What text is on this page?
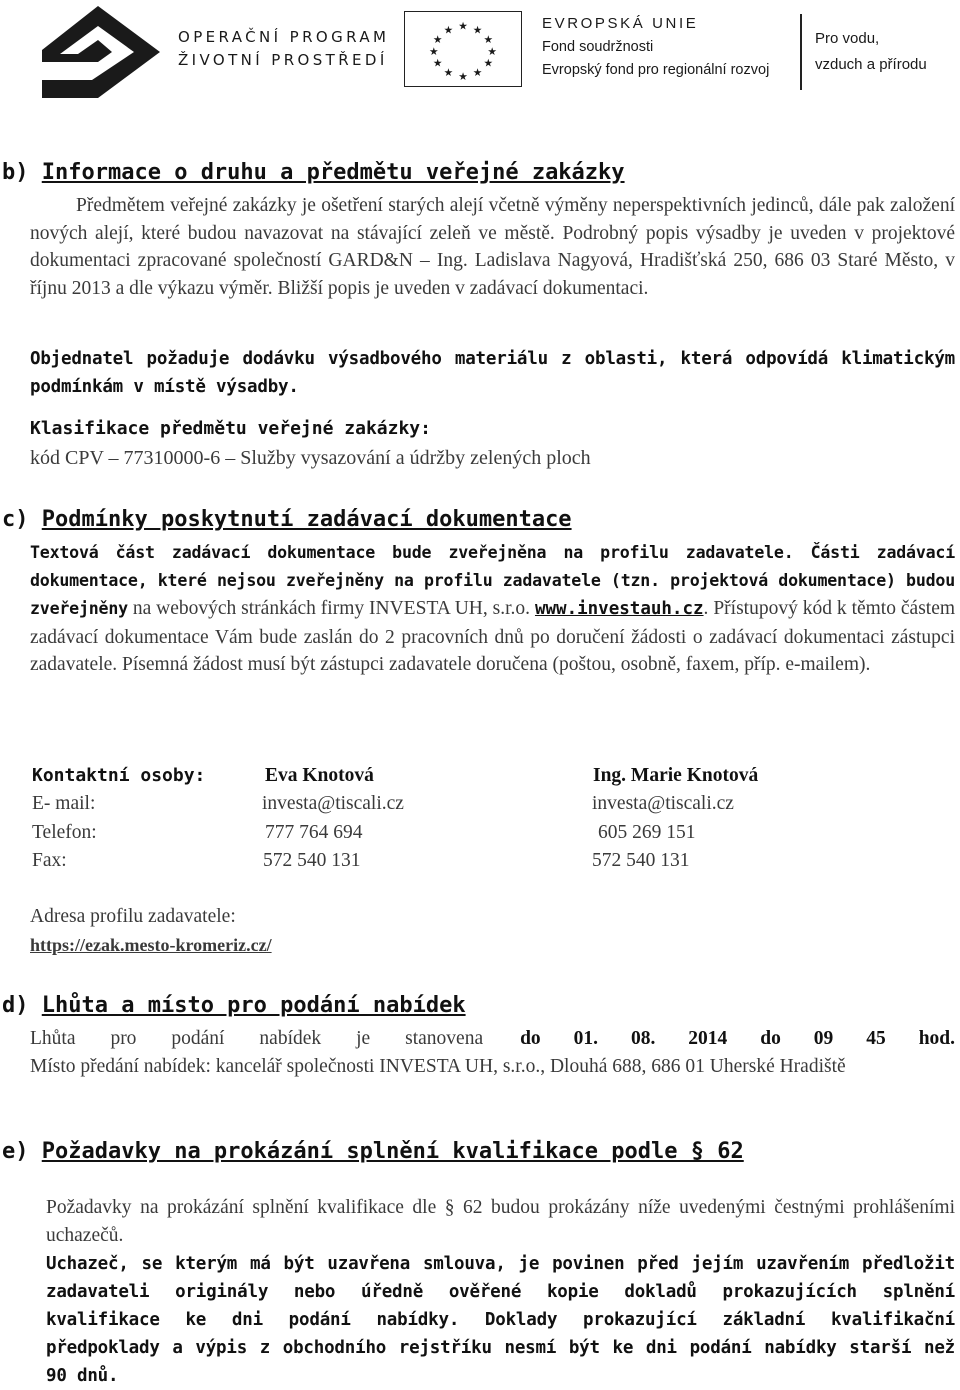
OPERAČNÍ PROGRAM
ŽIVOTNÍ PROSTŘEDÍ
★ ★
★
★
★
★
★
★
★
★
★
★	EVROPSKÁ UNIE
Fond soudržnosti
Evropský fond pro regionální rozvoj
Pro vodu,
vzduch a přírodu
b) Informace o druhu a předmětu veřejné zakázky
Předmětem veřejné zakázky je ošetření starých alejí včetně výměny neperspektivních jedinců, dále pak založení nových alejí, které budou navazovat na stávající zeleň ve městě. Podrobný popis výsadby je uveden v projektové dokumentaci zpracované společností GARD&N – Ing. Ladislava Nagyová, Hradišťská 250, 686 03 Staré Město, v říjnu 2013 a dle výkazu výměr. Bližší popis je uveden v zadávací dokumentaci.
Objednatel požaduje dodávku výsadbového materiálu z oblasti, která odpovídá klimatickým podmínkám v místě výsadby.
Klasifikace předmětu veřejné zakázky:
kód CPV – 77310000-6 – Služby vysazování a údržby zelených ploch
c) Podmínky poskytnutí zadávací dokumentace
Textová část zadávací dokumentace bude zveřejněna na profilu zadavatele. Části zadávací dokumentace, které nejsou zveřejněny na profilu zadavatele (tzn. projektová dokumentace) budou zveřejněny na webových stránkách firmy INVESTA UH, s.r.o. www.investauh.cz. Přístupový kód k těmto částem zadávací dokumentace Vám bude zaslán do 2 pracovních dnů po doručení žádosti o zadávací dokumentaci zástupci zadavatele. Písemná žádost musí být zástupci zadavatele doručena (poštou, osobně, faxem, příp. e-mailem).
Kontaktní osoby:	Eva Knotová	Ing. Marie Knotová
E- mail:	investa@tiscali.cz	investa@tiscali.cz
Telefon:	777 764 694	605 269 151
Fax:	572 540 131	572 540 131
Adresa profilu zadavatele:
https://ezak.mesto-kromeriz.cz/
d) Lhůta a místo pro podání nabídek
Lhůta pro podání nabídek je stanovena do 01. 08. 2014 do 09 45 hod.
Místo předání nabídek: kancelář společnosti INVESTA UH, s.r.o., Dlouhá 688, 686 01 Uherské Hradiště
e) Požadavky na prokázání splnění kvalifikace podle § 62
Požadavky na prokázání splnění kvalifikace dle § 62 budou prokázány níže uvedenými čestnými prohlášeními uchazečů.
Uchazeč, se kterým má být uzavřena smlouva, je povinen před jejím uzavřením předložit zadavateli originály nebo úředně ověřené kopie dokladů prokazujících splnění kvalifikace ke dni podání nabídky. Doklady prokazující základní kvalifikační předpoklady a výpis z obchodního rejstříku nesmí být ke dni podání nabídky starší než 90 dnů.
